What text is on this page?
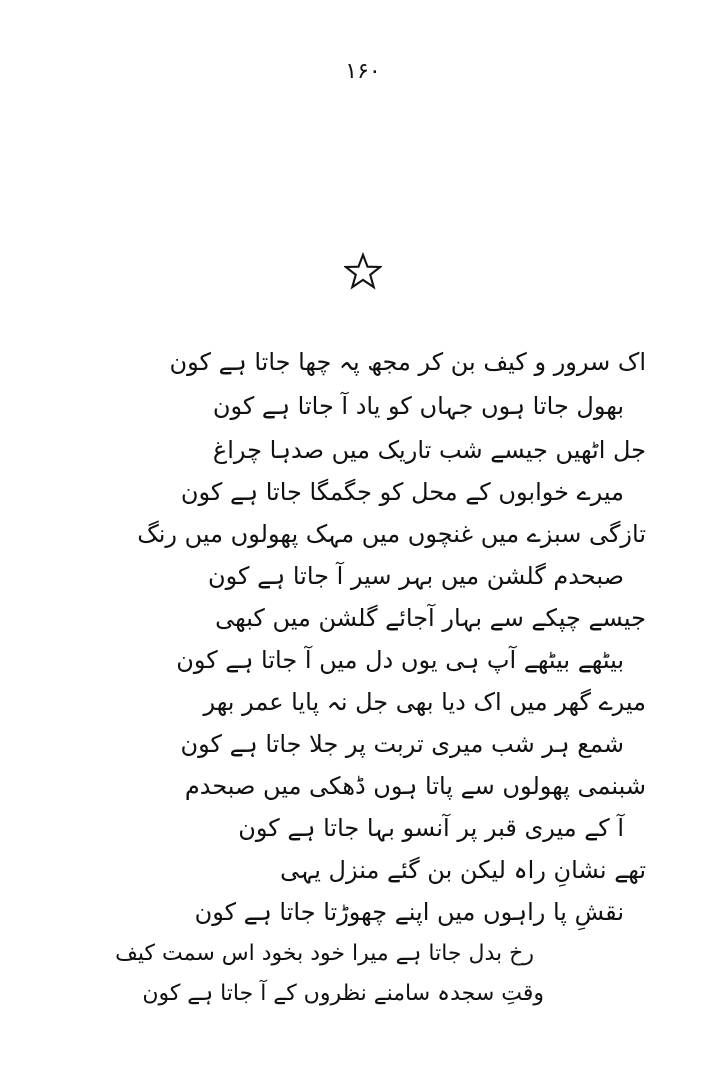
۱۶۰
اک سرور و کیف بن کر مجھ پہ چھا جاتا ہے کون
بھول جاتا ہوں جہاں کو یاد آ جاتا ہے کون
جل اٹھیں جیسے شب تاریک میں صدہا چراغ
میرے خوابوں کے محل کو جگمگا جاتا ہے کون
تازگی سبزے میں غنچوں میں مہک پھولوں میں رنگ
صبحدم گلشن میں بہر سیر آ جاتا ہے کون
جیسے چپکے سے بہار آجائے گلشن میں کبھی
بیٹھے بیٹھے آپ ہی یوں دل میں آ جاتا ہے کون
میرے گھر میں اک دیا بھی جل نہ پایا عمر بھر
شمع ہر شب میری تربت پر جلا جاتا ہے کون
شبنمی پھولوں سے پاتا ہوں ڈھکی میں صبحدم
آ کے میری قبر پر آنسو بہا جاتا ہے کون
تھے نشانِ راہ لیکن بن گئے منزل یہی
نقشِ پا راہوں میں اپنے چھوڑتا جاتا ہے کون
رخ بدل جاتا ہے میرا خود بخود اس سمت کیف
وقتِ سجدہ سامنے نظروں کے آ جاتا ہے کون
